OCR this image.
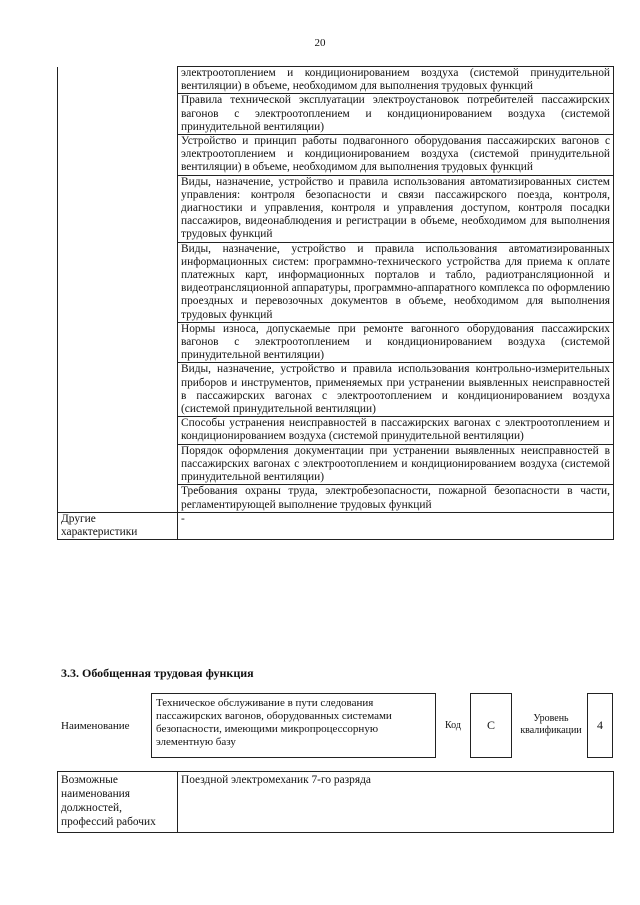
20
	электроотоплением и кондиционированием воздуха (системой принудительной вентиляции) в объеме, необходимом для выполнения трудовых функций
	Правила технической эксплуатации электроустановок потребителей пассажирских вагонов с электроотоплением и кондиционированием воздуха (системой принудительной вентиляции)
	Устройство и принцип работы подвагонного оборудования пассажирских вагонов с электроотоплением и кондиционированием воздуха (системой принудительной вентиляции) в объеме, необходимом для выполнения трудовых функций
	Виды, назначение, устройство и правила использования автоматизированных систем управления: контроля безопасности и связи пассажирского поезда, контроля, диагностики и управления, контроля и управления доступом, контроля посадки пассажиров, видеонаблюдения и регистрации в объеме, необходимом для выполнения трудовых функций
	Виды, назначение, устройство и правила использования автоматизированных информационных систем: программно-технического устройства для приема к оплате платежных карт, информационных порталов и табло, радиотрансляционной и видеотрансляционной аппаратуры, программно-аппаратного комплекса по оформлению проездных и перевозочных документов в объеме, необходимом для выполнения трудовых функций
	Нормы износа, допускаемые при ремонте вагонного оборудования пассажирских вагонов с электроотоплением и кондиционированием воздуха (системой принудительной вентиляции)
	Виды, назначение, устройство и правила использования контрольно-измерительных приборов и инструментов, применяемых при устранении выявленных неисправностей в пассажирских вагонах с электроотоплением и кондиционированием воздуха (системой принудительной вентиляции)
	Способы устранения неисправностей в пассажирских вагонах с электроотоплением и кондиционированием воздуха (системой принудительной вентиляции)
	Порядок оформления документации при устранении выявленных неисправностей в пассажирских вагонах с электроотоплением и кондиционированием воздуха (системой принудительной вентиляции)
	Требования охраны труда, электробезопасности, пожарной безопасности в части, регламентирующей выполнение трудовых функций
Другие характеристики	-
3.3. Обобщенная трудовая функция
Наименование
Техническое обслуживание в пути следования пассажирских вагонов, оборудованных системами безопасности, имеющими микропроцессорную элементную базу
Код	C	Уровень квалификации	4
Возможные наименования должностей, профессий рабочих	Поездной электромеханик 7-го разряда
